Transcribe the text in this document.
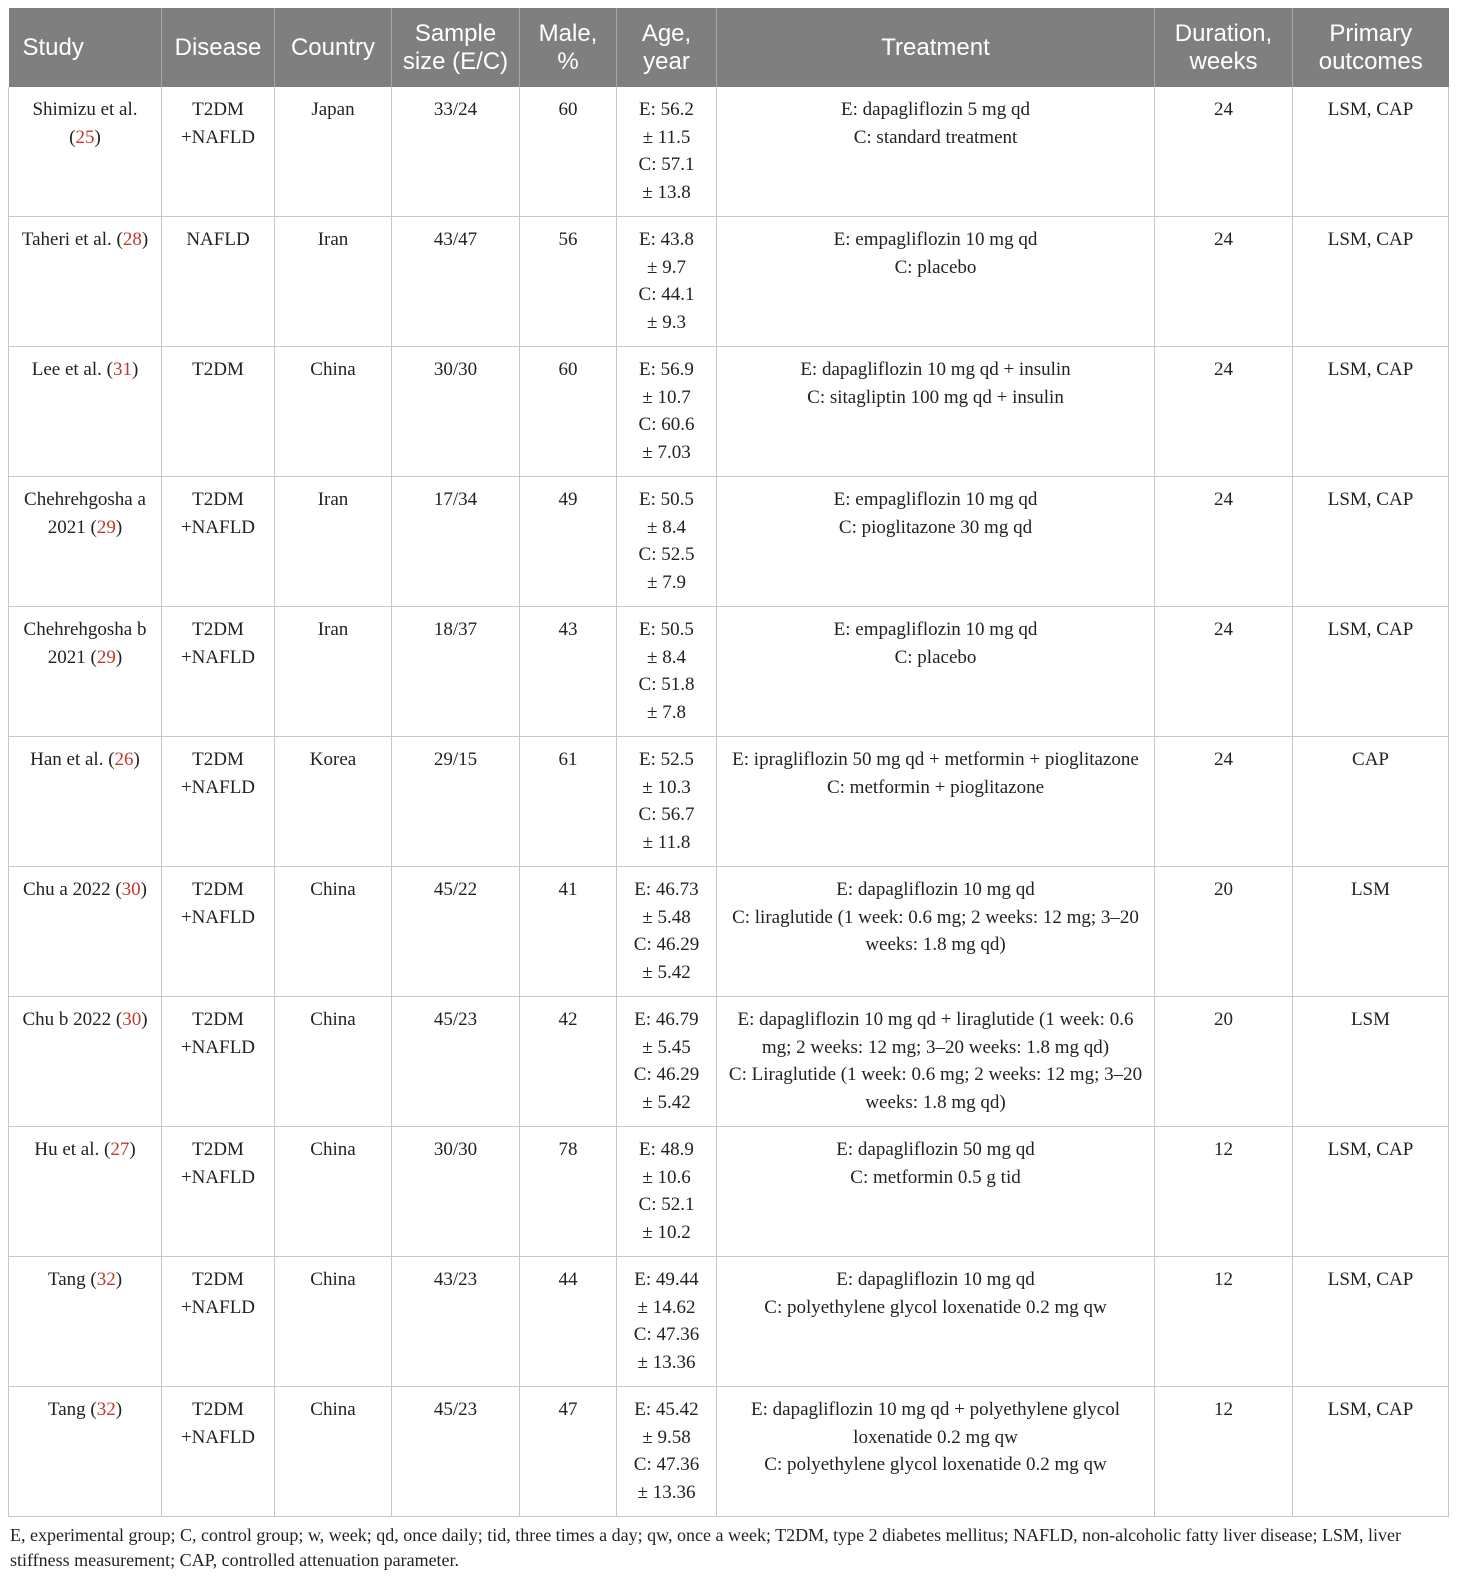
Study	Disease	Country	Sample size (E/C)	Male, %	Age, year	Treatment	Duration, weeks	Primary outcomes
Shimizu et al. (25)	T2DM +NAFLD	Japan	33/24	60	E: 56.2
± 11.5
C: 57.1
± 13.8	E: dapagliflozin 5 mg qd
C: standard treatment	24	LSM, CAP
Taheri et al. (28)	NAFLD	Iran	43/47	56	E: 43.8
± 9.7
C: 44.1
± 9.3	E: empagliflozin 10 mg qd
C: placebo	24	LSM, CAP
Lee et al. (31)	T2DM	China	30/30	60	E: 56.9
± 10.7
C: 60.6
± 7.03	E: dapagliflozin 10 mg qd + insulin
C: sitagliptin 100 mg qd + insulin	24	LSM, CAP
Chehrehgosha a 2021 (29)	T2DM +NAFLD	Iran	17/34	49	E: 50.5
± 8.4
C: 52.5
± 7.9	E: empagliflozin 10 mg qd
C: pioglitazone 30 mg qd	24	LSM, CAP
Chehrehgosha b 2021 (29)	T2DM +NAFLD	Iran	18/37	43	E: 50.5
± 8.4
C: 51.8
± 7.8	E: empagliflozin 10 mg qd
C: placebo	24	LSM, CAP
Han et al. (26)	T2DM +NAFLD	Korea	29/15	61	E: 52.5
± 10.3
C: 56.7
± 11.8	E: ipragliflozin 50 mg qd + metformin + pioglitazone
C: metformin + pioglitazone	24	CAP
Chu a 2022 (30)	T2DM +NAFLD	China	45/22	41	E: 46.73
± 5.48
C: 46.29
± 5.42	E: dapagliflozin 10 mg qd
C: liraglutide (1 week: 0.6 mg; 2 weeks: 12 mg; 3–20 weeks: 1.8 mg qd)	20	LSM
Chu b 2022 (30)	T2DM +NAFLD	China	45/23	42	E: 46.79
± 5.45
C: 46.29
± 5.42	E: dapagliflozin 10 mg qd + liraglutide (1 week: 0.6 mg; 2 weeks: 12 mg; 3–20 weeks: 1.8 mg qd)
C: Liraglutide (1 week: 0.6 mg; 2 weeks: 12 mg; 3–20 weeks: 1.8 mg qd)	20	LSM
Hu et al. (27)	T2DM +NAFLD	China	30/30	78	E: 48.9
± 10.6
C: 52.1
± 10.2	E: dapagliflozin 50 mg qd
C: metformin 0.5 g tid	12	LSM, CAP
Tang (32)	T2DM +NAFLD	China	43/23	44	E: 49.44
± 14.62
C: 47.36
± 13.36	E: dapagliflozin 10 mg qd
C: polyethylene glycol loxenatide 0.2 mg qw	12	LSM, CAP
Tang (32)	T2DM +NAFLD	China	45/23	47	E: 45.42
± 9.58
C: 47.36
± 13.36	E: dapagliflozin 10 mg qd + polyethylene glycol loxenatide 0.2 mg qw
C: polyethylene glycol loxenatide 0.2 mg qw	12	LSM, CAP
E, experimental group; C, control group; w, week; qd, once daily; tid, three times a day; qw, once a week; T2DM, type 2 diabetes mellitus; NAFLD, non-alcoholic fatty liver disease; LSM, liver stiffness measurement; CAP, controlled attenuation parameter.
